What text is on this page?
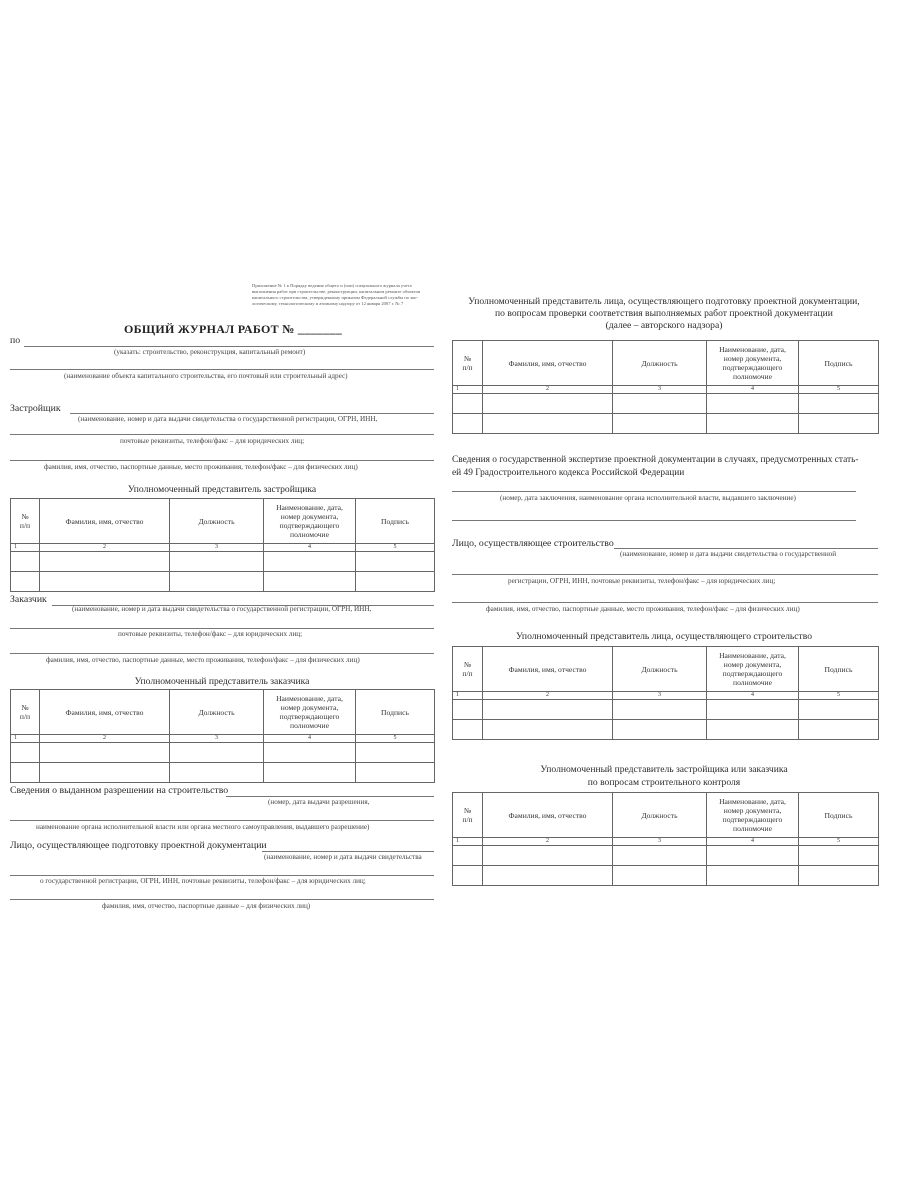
Приложение № 1 к Порядку ведения общего и (или) специального журнала учета
выполнения работ при строительстве, реконструкции, капитальном ремонте объектов
капитального строительства, утвержденному приказом Федеральной службы по эко-
логическому, технологическому и атомному надзору от 12 января 2007 г. № 7
ОБЩИЙ ЖУРНАЛ РАБОТ № _______
по
(указать: строительство, реконструкция, капитальный ремонт)
(наименование объекта капитального строительства, его почтовый или строительный адрес)
Застройщик
(наименование, номер и дата выдачи свидетельства о государственной регистрации, ОГРН, ИНН,
почтовые реквизиты, телефон/факс – для юридических лиц;
фамилия, имя, отчество, паспортные данные, место проживания, телефон/факс – для физических лиц)
Уполномоченный представитель застройщика
№
п/п	Фамилия, имя, отчество	Должность	Наименование, дата,
номер документа,
подтверждающего
полномочие	Подпись
1	2	3	4	5

Заказчик
(наименование, номер и дата выдачи свидетельства о государственной регистрации, ОГРН, ИНН,
почтовые реквизиты, телефон/факс – для юридических лиц;
фамилия, имя, отчество, паспортные данные, место проживания, телефон/факс – для физических лиц)
Уполномоченный представитель заказчика
№
п/п	Фамилия, имя, отчество	Должность	Наименование, дата,
номер документа,
подтверждающего
полномочие	Подпись
1	2	3	4	5

Сведения о выданном разрешении на строительство
(номер, дата выдачи разрешения,
наименование органа исполнительной власти или органа местного самоуправления, выдавшего разрешение)
Лицо, осуществляющее подготовку проектной документации
(наименование, номер и дата выдачи свидетельства
о государственной регистрации, ОГРН, ИНН, почтовые реквизиты, телефон/факс – для юридических лиц;
фамилия, имя, отчество, паспортные данные – для физических лиц)
Уполномоченный представитель лица, осуществляющего подготовку проектной документации,
по вопросам проверки соответствия выполняемых работ проектной документации
(далее – авторского надзора)
№
п/п	Фамилия, имя, отчество	Должность	Наименование, дата,
номер документа,
подтверждающего
полномочие	Подпись
1	2	3	4	5

Сведения о государственной экспертизе проектной документации в случаях, предусмотренных стать-
ей 49 Градостроительного кодекса Российской Федерации
(номер, дата заключения, наименование органа исполнительной власти, выдавшего заключение)
Лицо, осуществляющее строительство
(наименование, номер и дата выдачи свидетельства о государственной
регистрации, ОГРН, ИНН, почтовые реквизиты, телефон/факс – для юридических лиц;
фамилия, имя, отчество, паспортные данные, место проживания, телефон/факс – для физических лиц)
Уполномоченный представитель лица, осуществляющего строительство
№
п/п	Фамилия, имя, отчество	Должность	Наименование, дата,
номер документа,
подтверждающего
полномочие	Подпись
1	2	3	4	5

Уполномоченный представитель застройщика или заказчика
по вопросам строительного контроля
№
п/п	Фамилия, имя, отчество	Должность	Наименование, дата,
номер документа,
подтверждающего
полномочие	Подпись
1	2	3	4	5
